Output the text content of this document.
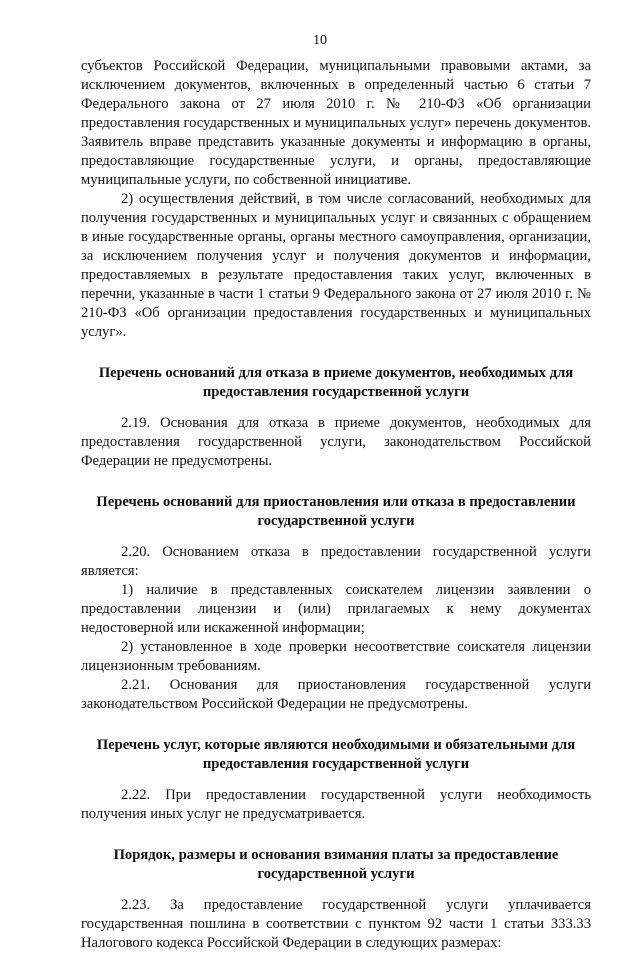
10

субъектов Российской Федерации, муниципальными правовыми актами, за исключением документов, включенных в определенный частью 6 статьи 7 Федерального закона от 27 июля 2010 г. № 210-ФЗ «Об организации предоставления государственных и муниципальных услуг» перечень документов. Заявитель вправе представить указанные документы и информацию в органы, предоставляющие государственные услуги, и органы, предоставляющие муниципальные услуги, по собственной инициативе.

2) осуществления действий, в том числе согласований, необходимых для получения государственных и муниципальных услуг и связанных с обращением в иные государственные органы, органы местного самоуправления, организации, за исключением получения услуг и получения документов и информации, предоставляемых в результате предоставления таких услуг, включенных в перечни, указанные в части 1 статьи 9 Федерального закона от 27 июля 2010 г. № 210-ФЗ «Об организации предоставления государственных и муниципальных услуг».

Перечень оснований для отказа в приеме документов, необходимых для предоставления государственной услуги

2.19. Основания для отказа в приеме документов, необходимых для предоставления государственной услуги, законодательством Российской Федерации не предусмотрены.

Перечень оснований для приостановления или отказа в предоставлении государственной услуги

2.20. Основанием отказа в предоставлении государственной услуги является:

1) наличие в представленных соискателем лицензии заявлении о предоставлении лицензии и (или) прилагаемых к нему документах недостоверной или искаженной информации;

2) установленное в ходе проверки несоответствие соискателя лицензии лицензионным требованиям.

2.21. Основания для приостановления государственной услуги законодательством Российской Федерации не предусмотрены.

Перечень услуг, которые являются необходимыми и обязательными для предоставления государственной услуги

2.22. При предоставлении государственной услуги необходимость получения иных услуг не предусматривается.

Порядок, размеры и основания взимания платы за предоставление государственной услуги

2.23. За предоставление государственной услуги уплачивается государственная пошлина в соответствии с пунктом 92 части 1 статьи 333.33 Налогового кодекса Российской Федерации в следующих размерах:
